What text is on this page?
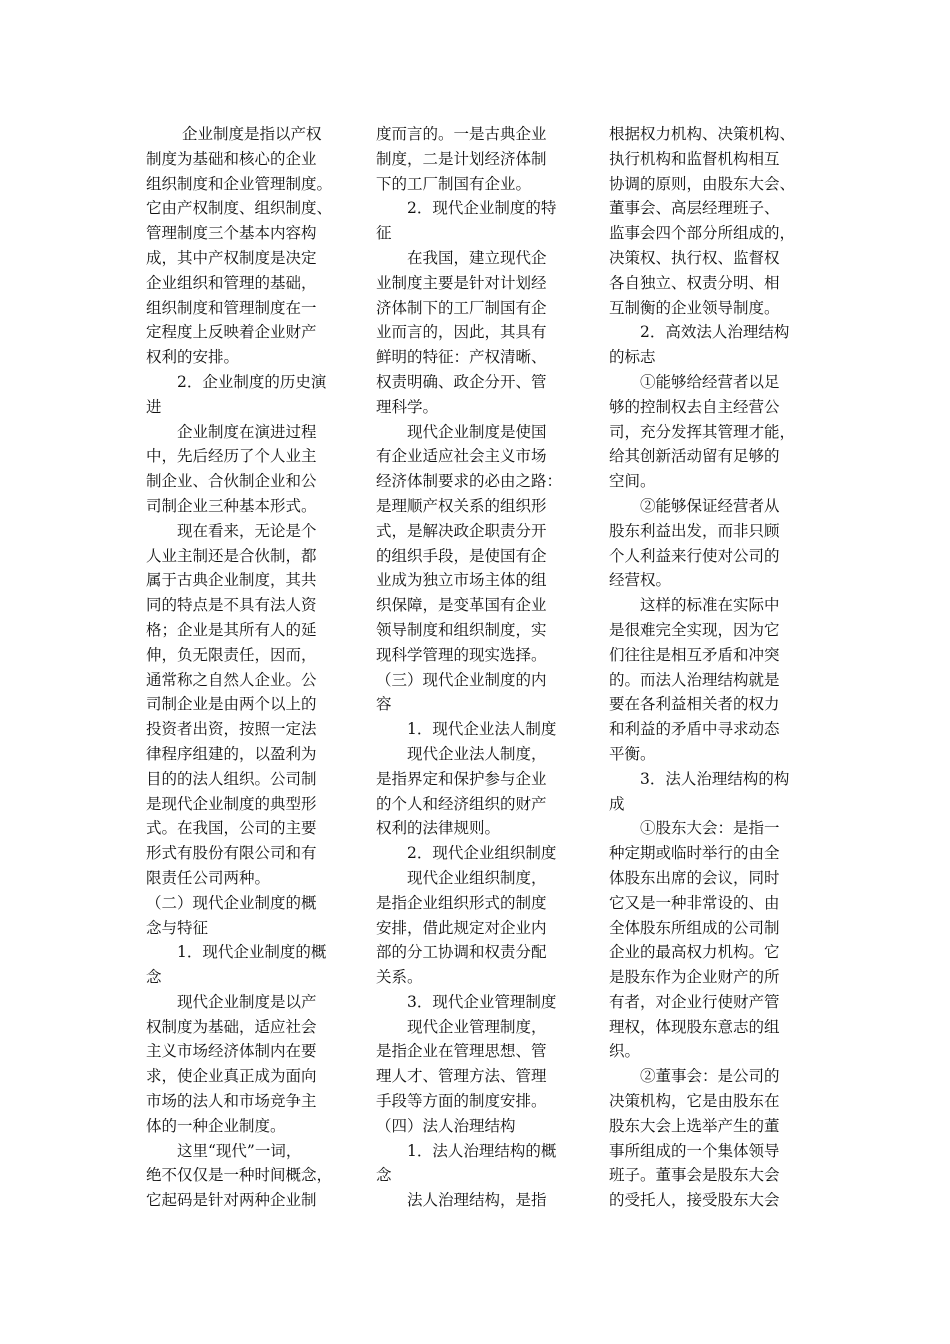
企业制度是指以产权
制度为基础和核心的企业
组织制度和企业管理制度。
它由产权制度、组织制度、
管理制度三个基本内容构
成，其中产权制度是决定
企业组织和管理的基础，
组织制度和管理制度在一
定程度上反映着企业财产
权利的安排。
2．企业制度的历史演
进
企业制度在演进过程
中，先后经历了个人业主
制企业、合伙制企业和公
司制企业三种基本形式。
现在看来，无论是个
人业主制还是合伙制，都
属于古典企业制度，其共
同的特点是不具有法人资
格；企业是其所有人的延
伸，负无限责任，因而，
通常称之自然人企业。公
司制企业是由两个以上的
投资者出资，按照一定法
律程序组建的，以盈利为
目的的法人组织。公司制
是现代企业制度的典型形
式。在我国，公司的主要
形式有股份有限公司和有
限责任公司两种。
（二）现代企业制度的概
念与特征
1．现代企业制度的概
念
现代企业制度是以产
权制度为基础，适应社会
主义市场经济体制内在要
求，使企业真正成为面向
市场的法人和市场竞争主
体的一种企业制度。
这里“现代”一词，
绝不仅仅是一种时间概念，
它起码是针对两种企业制
度而言的。一是古典企业
制度，二是计划经济体制
下的工厂制国有企业。
2．现代企业制度的特
征
在我国，建立现代企
业制度主要是针对计划经
济体制下的工厂制国有企
业而言的，因此，其具有
鲜明的特征：产权清晰、
权责明确、政企分开、管
理科学。
现代企业制度是使国
有企业适应社会主义市场
经济体制要求的必由之路：
是理顺产权关系的组织形
式，是解决政企职责分开
的组织手段，是使国有企
业成为独立市场主体的组
织保障，是变革国有企业
领导制度和组织制度，实
现科学管理的现实选择。
（三）现代企业制度的内
容
1．现代企业法人制度
现代企业法人制度，
是指界定和保护参与企业
的个人和经济组织的财产
权利的法律规则。
2．现代企业组织制度
现代企业组织制度，
是指企业组织形式的制度
安排，借此规定对企业内
部的分工协调和权责分配
关系。
3．现代企业管理制度
现代企业管理制度，
是指企业在管理思想、管
理人才、管理方法、管理
手段等方面的制度安排。
（四）法人治理结构
1．法人治理结构的概
念
法人治理结构，是指
根据权力机构、决策机构、
执行机构和监督机构相互
协调的原则，由股东大会、
董事会、高层经理班子、
监事会四个部分所组成的，
决策权、执行权、监督权
各自独立、权责分明、相
互制衡的企业领导制度。
2．高效法人治理结构
的标志
①能够给经营者以足
够的控制权去自主经营公
司，充分发挥其管理才能，
给其创新活动留有足够的
空间。
②能够保证经营者从
股东利益出发，而非只顾
个人利益来行使对公司的
经营权。
这样的标准在实际中
是很难完全实现，因为它
们往往是相互矛盾和冲突
的。而法人治理结构就是
要在各利益相关者的权力
和利益的矛盾中寻求动态
平衡。
3．法人治理结构的构
成
①股东大会：是指一
种定期或临时举行的由全
体股东出席的会议，同时
它又是一种非常设的、由
全体股东所组成的公司制
企业的最高权力机构。它
是股东作为企业财产的所
有者，对企业行使财产管
理权，体现股东意志的组
织。
②董事会：是公司的
决策机构，它是由股东在
股东大会上选举产生的董
事所组成的一个集体领导
班子。董事会是股东大会
的受托人，接受股东大会
